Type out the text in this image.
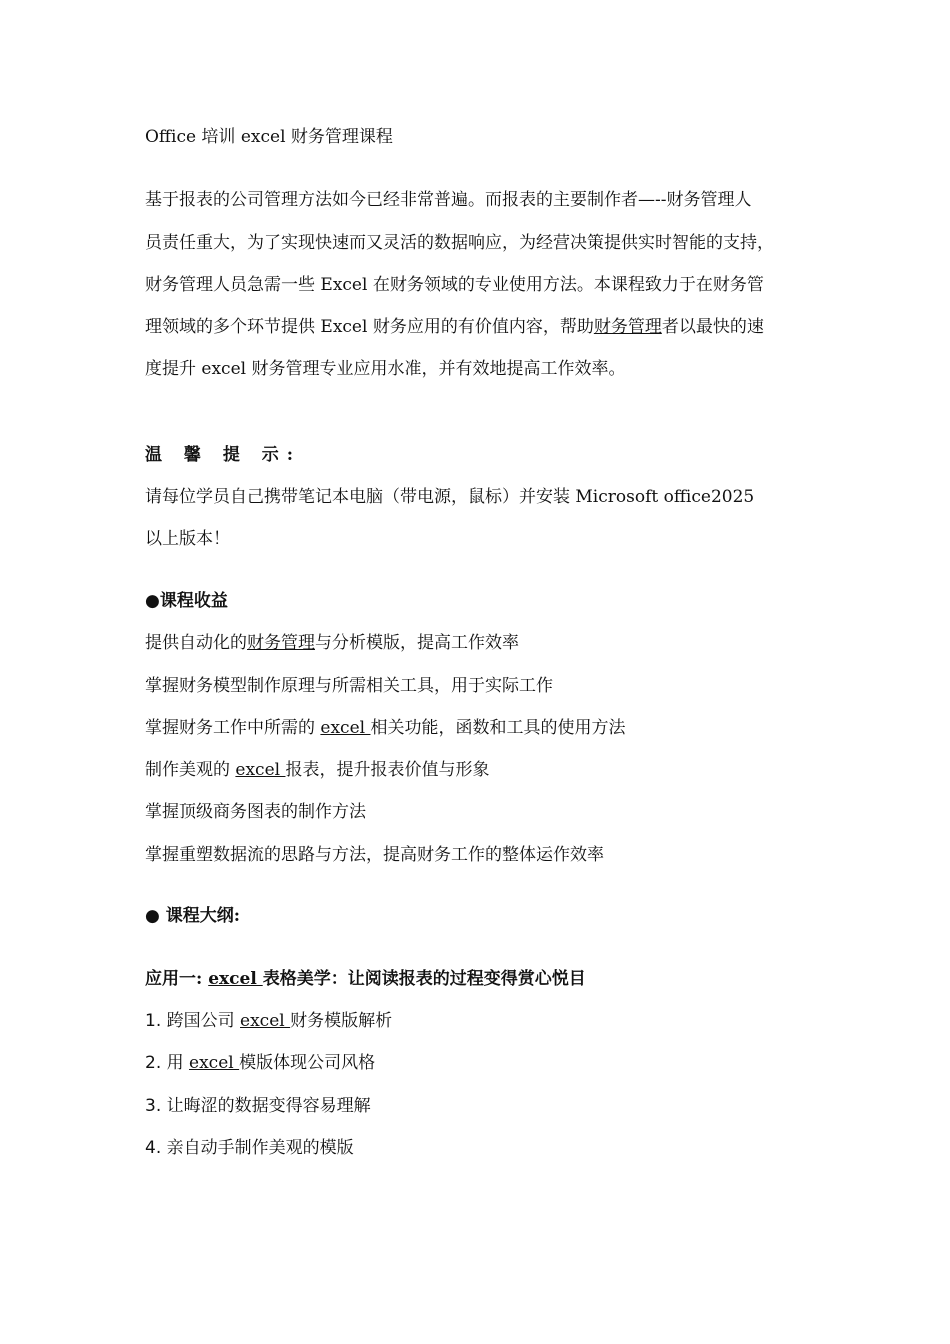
Office 培训 excel 财务管理课程
基于报表的公司管理方法如今已经非常普遍。而报表的主要制作者—--财务管理人
员责任重大，为了实现快速而又灵活的数据响应，为经营决策提供实时智能的支持，
财务管理人员急需一些 Excel 在财务领域的专业使用方法。本课程致力于在财务管
理领域的多个环节提供 Excel 财务应用的有价值内容，帮助财务管理者以最快的速
度提升 excel 财务管理专业应用水准，并有效地提高工作效率。
温 馨 提 示:
请每位学员自己携带笔记本电脑（带电源，鼠标）并安装 Microsoft office2025
以上版本！
●课程收益
提供自动化的财务管理与分析模版，提高工作效率
掌握财务模型制作原理与所需相关工具，用于实际工作
掌握财务工作中所需的 excel 相关功能，函数和工具的使用方法
制作美观的 excel 报表，提升报表价值与形象
掌握顶级商务图表的制作方法
掌握重塑数据流的思路与方法，提高财务工作的整体运作效率
● 课程大纲:
应用一: excel 表格美学：让阅读报表的过程变得赏心悦目
1. 跨国公司 excel 财务模版解析
2. 用 excel 模版体现公司风格
3. 让晦涩的数据变得容易理解
4. 亲自动手制作美观的模版
